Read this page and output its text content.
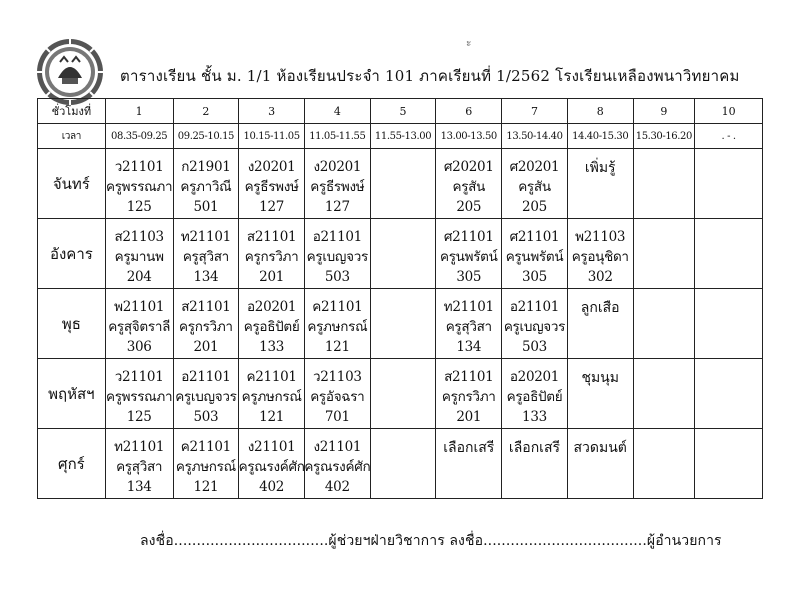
ะ
ตารางเรียน ชั้น ม. 1/1 ห้องเรียนประจำ 101 ภาคเรียนที่ 1/2562 โรงเรียนเหลืองพนาวิทยาคม
ชั่วโมงที่	1	2	3	4	5	6	7	8	9	10
เวลา	08.35-09.25	09.25-10.15	10.15-11.05	11.05-11.55	11.55-13.00	13.00-13.50	13.50-14.40	14.40-15.30	15.30-16.20	. - .
จันทร์	ว21101
ครูพรรณภา
125	ก21901
ครูภาวิณี
501	ง20201
ครูธีรพงษ์
127	ง20201
ครูธีรพงษ์
127		ศ20201
ครูสัน
205	ศ20201
ครูสัน
205	เพิ่มรู้		

อังคาร	ส21103
ครูมานพ
204	ท21101
ครูสุวิสา
134	ส21101
ครูกรวิภา
201	อ21101
ครูเบญจวร
503		ศ21101
ครูนพรัตน์
305	ศ21101
ครูนพรัตน์
305	พ21103
ครูอนุชิดา
302		

พุธ	พ21101
ครูสุจิตราลี
306	ส21101
ครูกรวิภา
201	อ20201
ครูอธิปัตย์
133	ค21101
ครูภษกรณ์
121		ท21101
ครูสุวิสา
134	อ21101
ครูเบญจวร
503	ลูกเสือ		

พฤหัสฯ	ว21101
ครูพรรณภา
125	อ21101
ครูเบญจวร
503	ค21101
ครูภษกรณ์
121	ว21103
ครูอัจฉรา
701		ส21101
ครูกรวิภา
201	อ20201
ครูอธิปัตย์
133	ชุมนุม		

ศุกร์	ท21101
ครูสุวิสา
134	ค21101
ครูภษกรณ์
121	ง21101
ครูณรงค์ศัก
402	ง21101
ครูณรงค์ศัก
402		เลือกเสรี	เลือกเสรี	สวดมนต์		

ลงชื่อ..................................ผู้ช่วยฯฝ่ายวิชาการ ลงชื่อ....................................ผู้อำนวยการ
